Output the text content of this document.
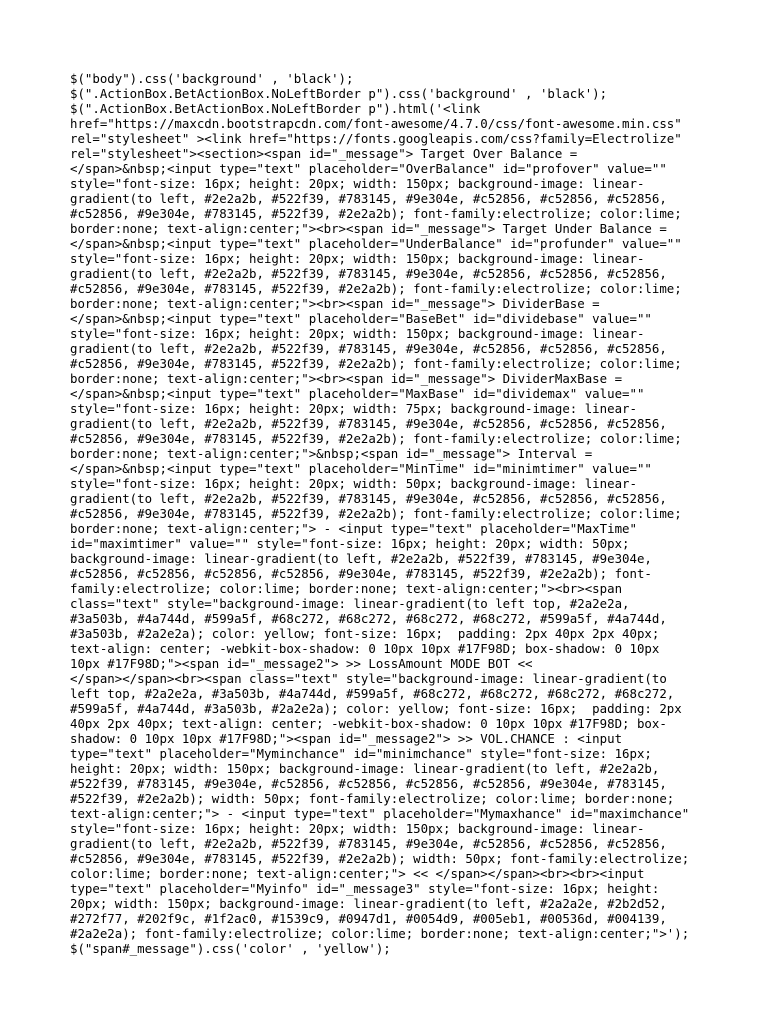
$("body").css('background' , 'black');
$(".ActionBox.BetActionBox.NoLeftBorder p").css('background' , 'black');
$(".ActionBox.BetActionBox.NoLeftBorder p").html('<link
href="https://maxcdn.bootstrapcdn.com/font-awesome/4.7.0/css/font-awesome.min.css"
rel="stylesheet" ><link href="https://fonts.googleapis.com/css?family=Electrolize"
rel="stylesheet"><section><span id="_message"> Target Over Balance =
</span>&nbsp;<input type="text" placeholder="OverBalance" id="profover" value=""
style="font-size: 16px; height: 20px; width: 150px; background-image: linear-
gradient(to left, #2e2a2b, #522f39, #783145, #9e304e, #c52856, #c52856, #c52856,
#c52856, #9e304e, #783145, #522f39, #2e2a2b); font-family:electrolize; color:lime;
border:none; text-align:center;"><br><span id="_message"> Target Under Balance =
</span>&nbsp;<input type="text" placeholder="UnderBalance" id="profunder" value=""
style="font-size: 16px; height: 20px; width: 150px; background-image: linear-
gradient(to left, #2e2a2b, #522f39, #783145, #9e304e, #c52856, #c52856, #c52856,
#c52856, #9e304e, #783145, #522f39, #2e2a2b); font-family:electrolize; color:lime;
border:none; text-align:center;"><br><span id="_message"> DividerBase =
</span>&nbsp;<input type="text" placeholder="BaseBet" id="dividebase" value=""
style="font-size: 16px; height: 20px; width: 150px; background-image: linear-
gradient(to left, #2e2a2b, #522f39, #783145, #9e304e, #c52856, #c52856, #c52856,
#c52856, #9e304e, #783145, #522f39, #2e2a2b); font-family:electrolize; color:lime;
border:none; text-align:center;"><br><span id="_message"> DividerMaxBase =
</span>&nbsp;<input type="text" placeholder="MaxBase" id="dividemax" value=""
style="font-size: 16px; height: 20px; width: 75px; background-image: linear-
gradient(to left, #2e2a2b, #522f39, #783145, #9e304e, #c52856, #c52856, #c52856,
#c52856, #9e304e, #783145, #522f39, #2e2a2b); font-family:electrolize; color:lime;
border:none; text-align:center;">&nbsp;<span id="_message"> Interval =
</span>&nbsp;<input type="text" placeholder="MinTime" id="minimtimer" value=""
style="font-size: 16px; height: 20px; width: 50px; background-image: linear-
gradient(to left, #2e2a2b, #522f39, #783145, #9e304e, #c52856, #c52856, #c52856,
#c52856, #9e304e, #783145, #522f39, #2e2a2b); font-family:electrolize; color:lime;
border:none; text-align:center;"> - <input type="text" placeholder="MaxTime"
id="maximtimer" value="" style="font-size: 16px; height: 20px; width: 50px;
background-image: linear-gradient(to left, #2e2a2b, #522f39, #783145, #9e304e,
#c52856, #c52856, #c52856, #c52856, #9e304e, #783145, #522f39, #2e2a2b); font-
family:electrolize; color:lime; border:none; text-align:center;"><br><span
class="text" style="background-image: linear-gradient(to left top, #2a2e2a,
#3a503b, #4a744d, #599a5f, #68c272, #68c272, #68c272, #68c272, #599a5f, #4a744d,
#3a503b, #2a2e2a); color: yellow; font-size: 16px;  padding: 2px 40px 2px 40px;
text-align: center; -webkit-box-shadow: 0 10px 10px #17F98D; box-shadow: 0 10px
10px #17F98D;"><span id="_message2"> >> LossAmount MODE BOT <<
</span></span><br><span class="text" style="background-image: linear-gradient(to
left top, #2a2e2a, #3a503b, #4a744d, #599a5f, #68c272, #68c272, #68c272, #68c272,
#599a5f, #4a744d, #3a503b, #2a2e2a); color: yellow; font-size: 16px;  padding: 2px
40px 2px 40px; text-align: center; -webkit-box-shadow: 0 10px 10px #17F98D; box-
shadow: 0 10px 10px #17F98D;"><span id="_message2"> >> VOL.CHANCE : <input
type="text" placeholder="Myminchance" id="minimchance" style="font-size: 16px;
height: 20px; width: 150px; background-image: linear-gradient(to left, #2e2a2b,
#522f39, #783145, #9e304e, #c52856, #c52856, #c52856, #c52856, #9e304e, #783145,
#522f39, #2e2a2b); width: 50px; font-family:electrolize; color:lime; border:none;
text-align:center;"> - <input type="text" placeholder="Mymaxhance" id="maximchance"
style="font-size: 16px; height: 20px; width: 150px; background-image: linear-
gradient(to left, #2e2a2b, #522f39, #783145, #9e304e, #c52856, #c52856, #c52856,
#c52856, #9e304e, #783145, #522f39, #2e2a2b); width: 50px; font-family:electrolize;
color:lime; border:none; text-align:center;"> << </span></span><br><br><input
type="text" placeholder="Myinfo" id="_message3" style="font-size: 16px; height:
20px; width: 150px; background-image: linear-gradient(to left, #2a2a2e, #2b2d52,
#272f77, #202f9c, #1f2ac0, #1539c9, #0947d1, #0054d9, #005eb1, #00536d, #004139,
#2a2e2a); font-family:electrolize; color:lime; border:none; text-align:center;">');
$("span#_message").css('color' , 'yellow');
